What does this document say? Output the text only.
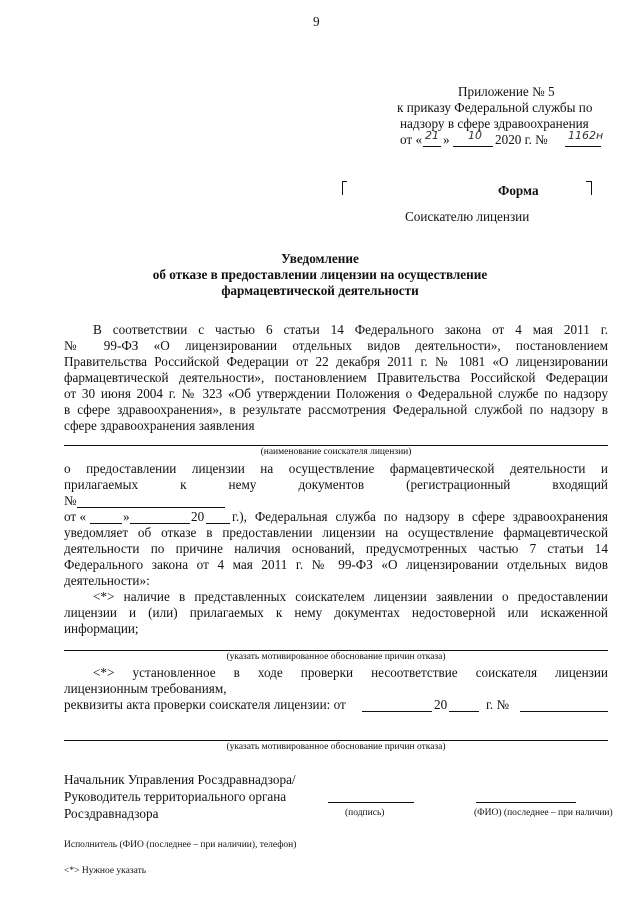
9
Приложение № 5
к приказу Федеральной службы по
надзору в сфере здравоохранения
от « 21 » 10 2020 г. № 1162н
Форма
Соискателю лицензии
Уведомление
об отказе в предоставлении лицензии на осуществление
фармацевтической деятельности
В соответствии с частью 6 статьи 14 Федерального закона от 4 мая 2011 г.
№ 99-ФЗ «О лицензировании отдельных видов деятельности», постановлением
Правительства Российской Федерации от 22 декабря 2011 г. № 1081 «О лицензировании
фармацевтической деятельности», постановлением Правительства Российской Федерации
от 30 июня 2004 г. № 323 «Об утверждении Положения о Федеральной службе по надзору
в сфере здравоохранения», в результате рассмотрения Федеральной службой по надзору в
сфере здравоохранения заявления
(наименование соискателя лицензии)
о предоставлении лицензии на осуществление фармацевтической деятельности и
прилагаемых к нему документов (регистрационный входящий
№
от «	»	20 г.), Федеральная служба по надзору в сфере здравоохранения
уведомляет об отказе в предоставлении лицензии на осуществление фармацевтической
деятельности по причине наличия оснований, предусмотренных частью 7 статьи 14
Федерального закона от 4 мая 2011 г. № 99-ФЗ «О лицензировании отдельных видов
деятельности»:
<*> наличие в представленных соискателем лицензии заявлении о предоставлении
лицензии и (или) прилагаемых к нему документах недостоверной или искаженной
информации;
(указать мотивированное обоснование причин отказа)
<*> установленное в ходе проверки несоответствие соискателя лицензии
лицензионным требованиям,
реквизиты акта проверки соискателя лицензии: от	20	г. №
(указать мотивированное обоснование причин отказа)
Начальник Управления Росздравнадзора/
Руководитель территориального органа
Росздравнадзора	(подпись)	(ФИО) (последнее – при наличии)
Исполнитель (ФИО (последнее – при наличии), телефон)
<*> Нужное указать
